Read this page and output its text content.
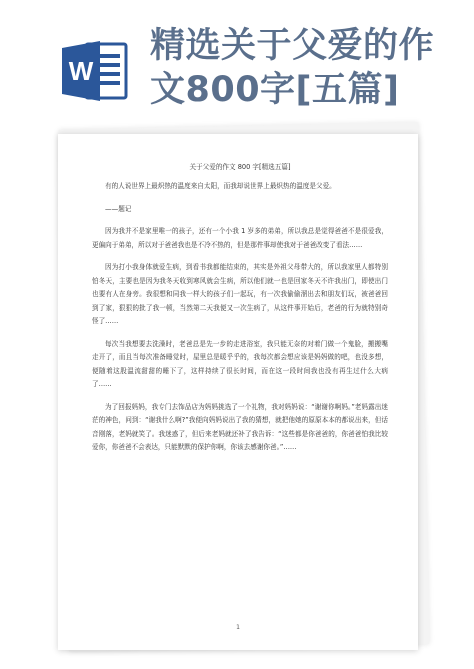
W
精选关于父爱的作
文800字[五篇]
关于父爱的作文 800 字[精选五篇]

有的人说世界上最炽热的温度来自太阳，而我却说世界上最炽热的温度是父爱。

——题记

因为我并不是家里唯一的孩子，还有一个小我 1 岁多的弟弟，所以我总是觉得爸爸不是很爱我，更偏向于弟弟，所以对于爸爸我也是不冷不热的，但是那件事却使我对于爸爸改变了看法……

因为打小我身体就爱生病，到看书我都能结束的，其实是外祖父母带大的，所以我家里人都特别怕冬天，主要也是因为我冬天收到寒风就会生病，所以他们就一也是回家冬天不许我出门，即使出门也要有人在身旁。我很想和同我一样大的孩子们一起玩，有一次我偷偷溜出去和朋友们玩，被爸爸回到了家，狠狠的批了我一顿，当然第二天我便又一次生病了，从这件事开始后，老爸的行为就特别奇怪了……

每次当我想要去洗澡时，老爸总是先一步的走进浴室，我只能无奈的对着门做一个鬼脸，搬搬嘴走开了，而且当每次准备睡觉时，屋里总是暖乎乎的，我每次都会想应该是妈妈做的吧，也没多想，便随着这股温流甜甜的睡下了，这样持续了很长时间，而在这一段时间我也没有再生过什么大病了……

为了回报妈妈，我专门去饰品店为妈妈挑选了一个礼物，我对妈妈说：“谢谢你啊妈。”老妈露出迷茫的神色，问到：“谢我什么啊?”我便向妈妈说出了我的猜想，就把他她的原原本本的都说出来，但话音刚落，老妈就笑了。我迷惑了，但后来老妈就还补了我告诉：“这些都是你爸爸的，你爸爸怕我比较爱你，你爸爸不会表达，只能默默的保护你啊，你该去感谢你爸。”……

1
